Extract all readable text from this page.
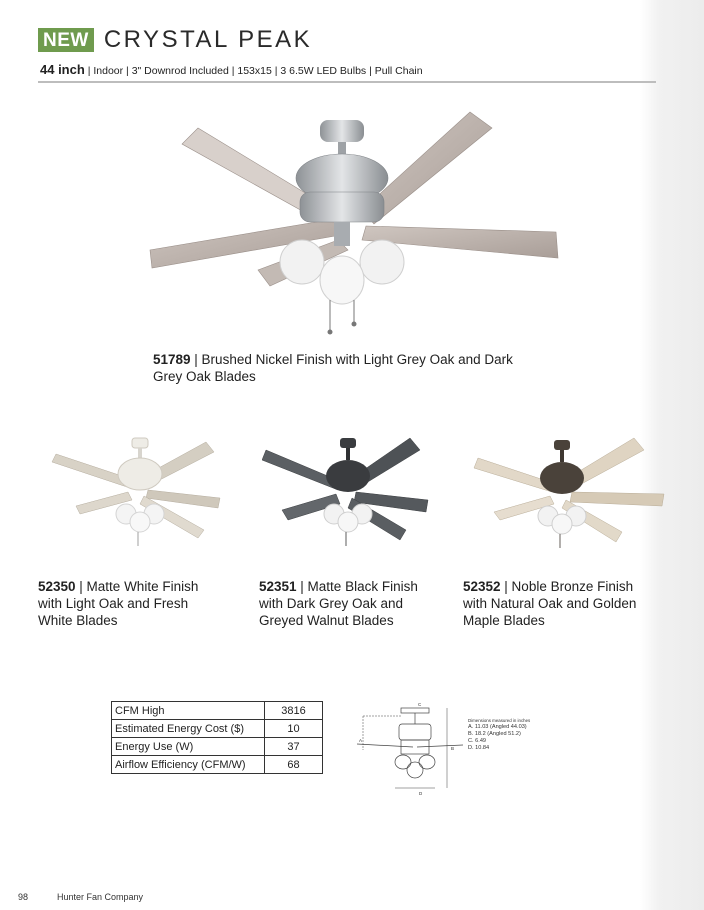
NEW CRYSTAL PEAK
44 inch | Indoor | 3" Downrod Included | 153x15 | 3 6.5W LED Bulbs | Pull Chain
51789 | Brushed Nickel Finish with Light Grey Oak and Dark
Grey Oak Blades
52350 | Matte White Finish
with Light Oak and Fresh
White Blades
52351 | Matte Black Finish
with Dark Grey Oak and
Greyed Walnut Blades
52352 | Noble Bronze Finish
with Natural Oak and Golden
Maple Blades
CFM High	3816
Estimated Energy Cost ($)	10
Energy Use (W)	37
Airflow Efficiency (CFM/W)	68
A
B
C
D
Dimensions measured in inches
A. 11.03 (Angled 44.03)
B. 18.2 (Angled 51.2)
C. 6.49
D. 10.84
98	Hunter Fan Company
